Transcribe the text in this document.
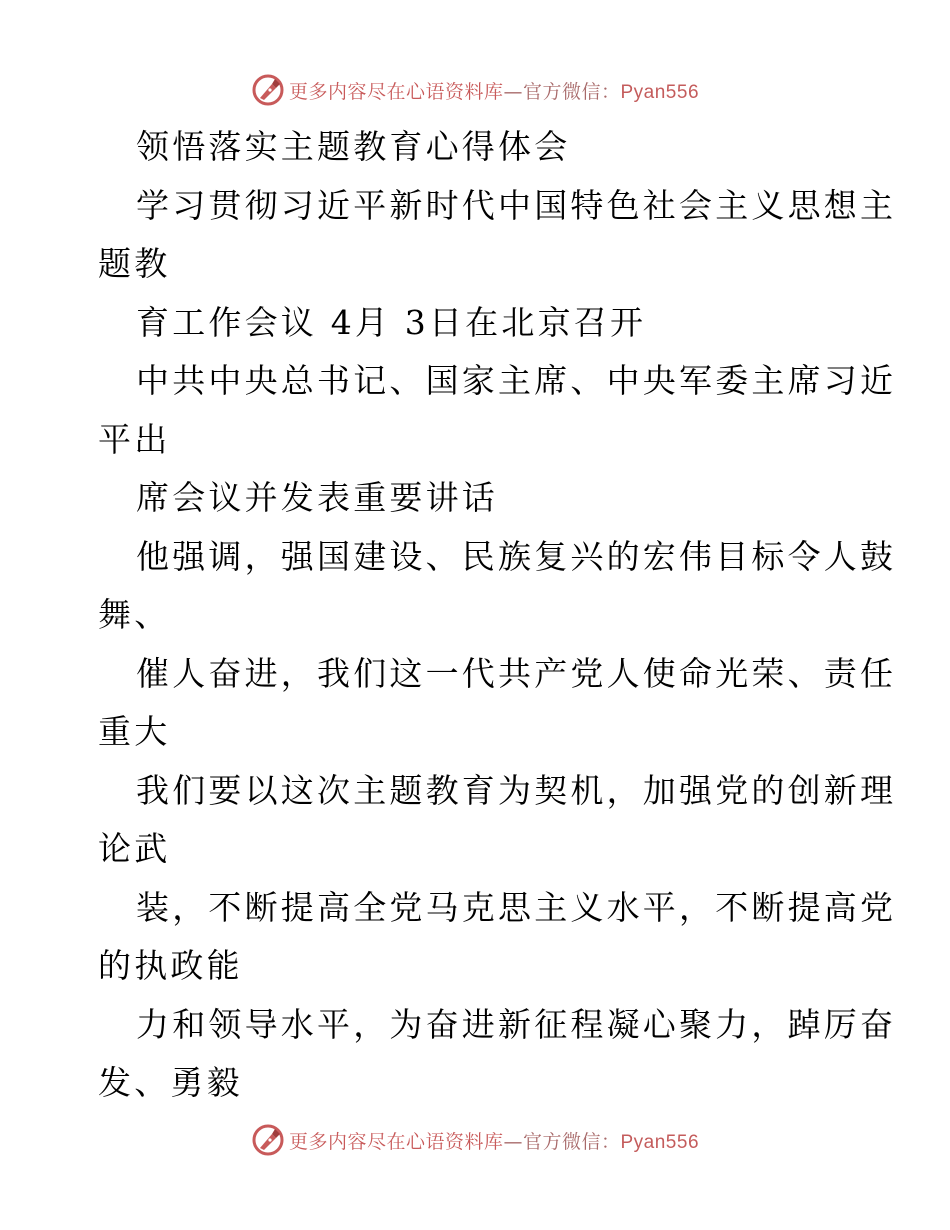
更多内容尽在心语资料库—官方微信：Pyan556
领悟落实主题教育心得体会
学习贯彻习近平新时代中国特色社会主义思想主
题教
育工作会议 4月 3日在北京召开
中共中央总书记、国家主席、中央军委主席习近
平出
席会议并发表重要讲话
他强调，强国建设、民族复兴的宏伟目标令人鼓
舞、
催人奋进，我们这一代共产党人使命光荣、责任
重大
我们要以这次主题教育为契机，加强党的创新理
论武
装，不断提高全党马克思主义水平，不断提高党
的执政能
力和领导水平，为奋进新征程凝心聚力，踔厉奋
发、勇毅
更多内容尽在心语资料库—官方微信：Pyan556
